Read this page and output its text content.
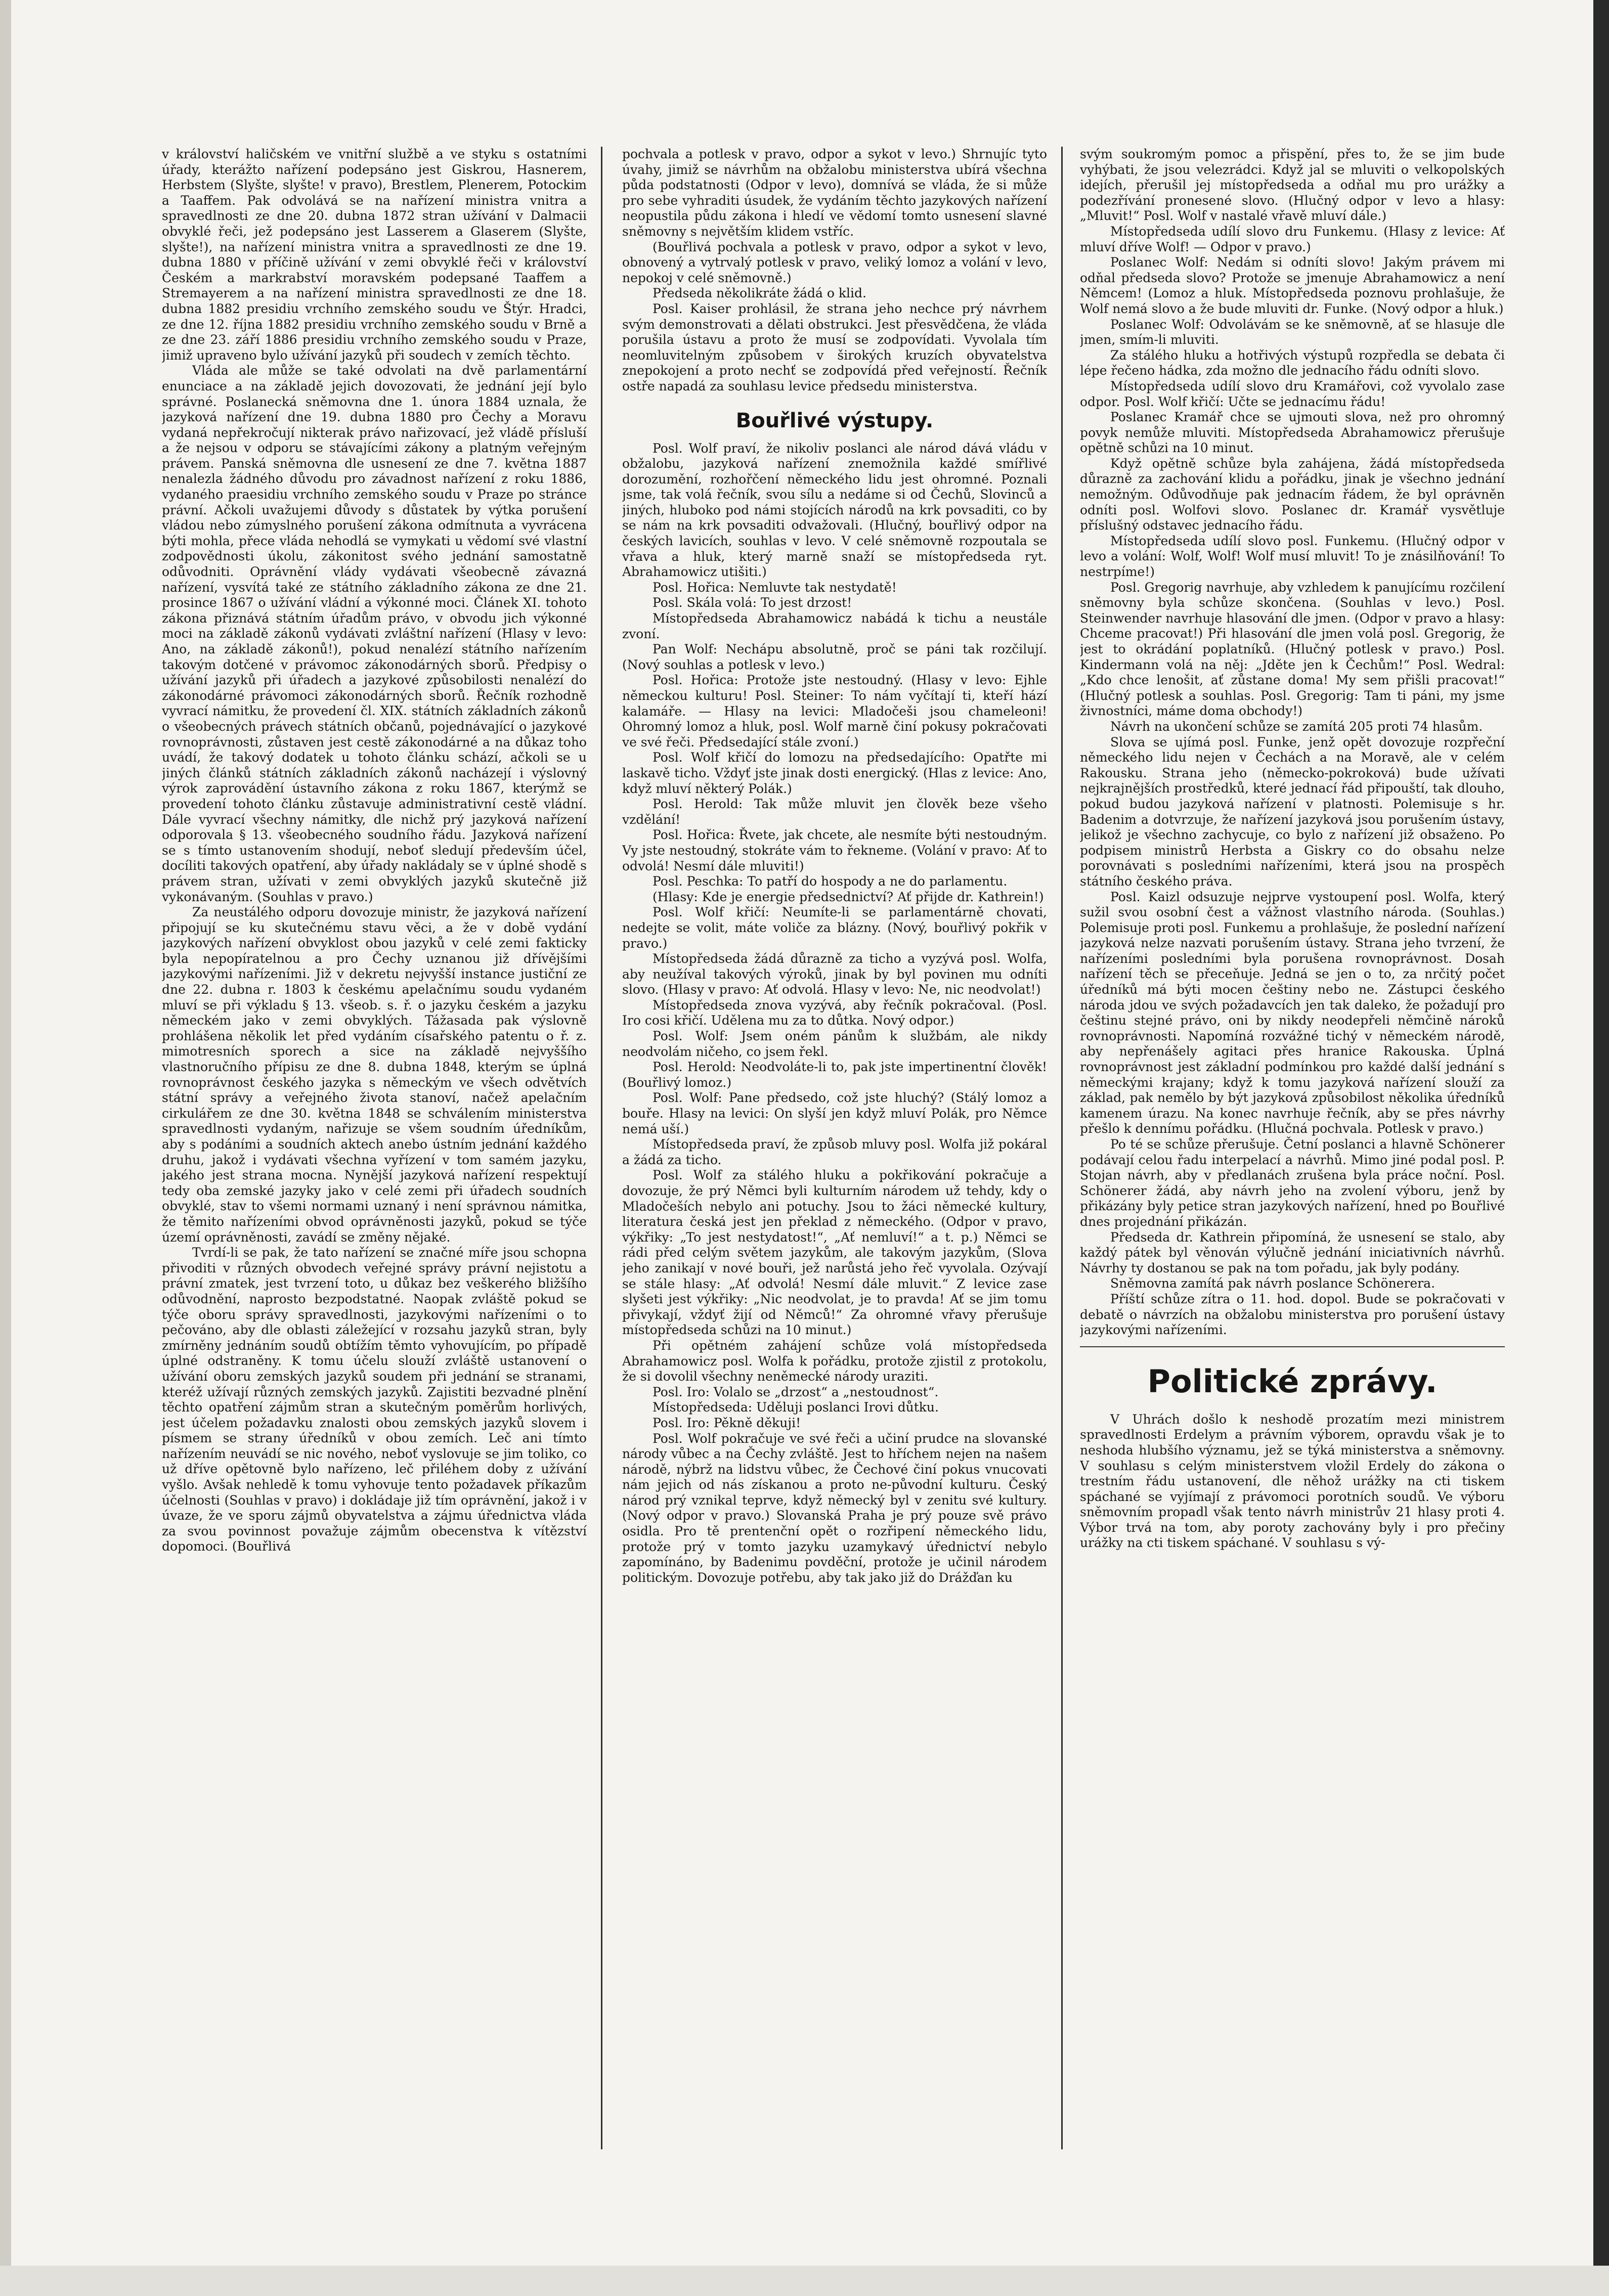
v království haličském ve vnitřní službě a ve styku s ostatními úřady, kterážto nařízení podepsáno jest Giskrou, Hasnerem, Herbstem (Slyšte, slyšte! v pravo), Brestlem, Plenerem, Potockim a Taaffem. Pak odvolává se na nařízení ministra vnitra a spravedlnosti ze dne 20. dubna 1872 stran užívání v Dalmacii obvyklé řeči, jež podepsáno jest Lasserem a Glaserem (Slyšte, slyšte!), na nařízení ministra vnitra a spravedlnosti ze dne 19. dubna 1880 v příčině užívání v zemi obvyklé řeči v království Českém a markrabství moravském podepsané Taaffem a Stremayerem a na nařízení ministra spravedlnosti ze dne 18. dubna 1882 presidiu vrchního zemského soudu ve Štýr. Hradci, ze dne 12. října 1882 presidiu vrchního zemského soudu v Brně a ze dne 23. září 1886 presidiu vrchního zemského soudu v Praze, jimiž upraveno bylo užívání jazyků při soudech v zemích těchto.

Vláda ale může se také odvolati na dvě parlamentární enunciace a na základě jejich dovozovati, že jednání její bylo správné. Poslanecká sněmovna dne 1. února 1884 uznala, že jazyková nařízení dne 19. dubna 1880 pro Čechy a Moravu vydaná nepřekročují nikterak právo nařizovací, jež vládě přísluší a že nejsou v odporu se stávajícími zákony a platným veřejným právem. Panská sněmovna dle usnesení ze dne 7. května 1887 nenalezla žádného důvodu pro závadnost nařízení z roku 1886, vydaného praesidiu vrchního zemského soudu v Praze po stránce právní. Ačkoli uvažujemi důvody s důstatek by výtka porušení vládou nebo zúmyslného porušení zákona odmítnuta a vyvrácena býti mohla, přece vláda nehodlá se vymykati u vědomí své vlastní zodpovědnosti úkolu, zákonitost svého jednání samostatně odůvodniti. Oprávnění vlády vydávati všeobecně závazná nařízení, vysvítá také ze státního základního zákona ze dne 21. prosince 1867 o užívání vládní a výkonné moci. Článek XI. tohoto zákona přiznává státním úřadům právo, v obvodu jich výkonné moci na základě zákonů vydávati zvláštní nařízení (Hlasy v levo: Ano, na základě zákonů!), pokud nenalézí státního nařízením takovým dotčené v právomoc zákonodárných sborů. Předpisy o užívání jazyků při úřadech a jazykové způsobilosti nenalézí do zákonodárné právomoci zákonodárných sborů. Řečník rozhodně vyvrací námitku, že provedení čl. XIX. státních základních zákonů o všeobecných právech státních občanů, pojednávající o jazykové rovnoprávnosti, zůstaven jest cestě zákonodárné a na důkaz toho uvádí, že takový dodatek u tohoto článku schází, ačkoli se u jiných článků státních základních zákonů nacházejí i výslovný výrok zaprovádění ústavního zákona z roku 1867, kterýmž se provedení tohoto článku zůstavuje administrativní cestě vládní. Dále vyvrací všechny námitky, dle nichž prý jazyková nařízení odporovala § 13. všeobecného soudního řádu. Jazyková nařízení se s tímto ustanovením shodují, neboť sledují především účel, docíliti takových opatření, aby úřady nakládaly se v úplné shodě s právem stran, užívati v zemi obvyklých jazyků skutečně již vykonávaným. (Souhlas v pravo.)

Za neustálého odporu dovozuje ministr, že jazyková nařízení připojují se ku skutečnému stavu věci, a že v době vydání jazykových nařízení obvyklost obou jazyků v celé zemi fakticky byla nepopíratelnou a pro Čechy uznanou již dřívějšími jazykovými nařízeními. Již v dekretu nejvyšší instance justiční ze dne 22. dubna r. 1803 k českému apelačnímu soudu vydaném mluví se při výkladu § 13. všeob. s. ř. o jazyku českém a jazyku německém jako v zemi obvyklých. Tážasada pak výslovně prohlášena několik let před vydáním císařského patentu o ř. z. mimotresních sporech a sice na základě nejvyššího vlastnoručního přípisu ze dne 8. dubna 1848, kterým se úplná rovnoprávnost českého jazyka s německým ve všech odvětvích státní správy a veřejného života stanoví, načež apelačním cirkulářem ze dne 30. května 1848 se schválením ministerstva spravedlnosti vydaným, nařizuje se všem soudním úředníkům, aby s podáními a soudních aktech anebo ústním jednání každého druhu, jakož i vydávati všechna vyřízení v tom samém jazyku, jakého jest strana mocna. Nynější jazyková nařízení respektují tedy oba zemské jazyky jako v celé zemi při úřadech soudních obvyklé, stav to všemi normami uznaný i není správnou námitka, že těmito nařízeními obvod oprávněnosti jazyků, pokud se týče území oprávněnosti, zavádí se změny nějaké.

Tvrdí-li se pak, že tato nařízení se značné míře jsou schopna přivoditi v různých obvodech veřejné správy právní nejistotu a právní zmatek, jest tvrzení toto, u důkaz bez veškerého bližšího odůvodnění, naprosto bezpodstatné. Naopak zvláště pokud se týče oboru správy spravedlnosti, jazykovými nařízeními o to pečováno, aby dle oblasti záležející v rozsahu jazyků stran, byly zmírněny jednáním soudů obtížím těmto vyhovujícím, po případě úplné odstraněny. K tomu účelu slouží zvláště ustanovení o užívání oboru zemských jazyků soudem při jednání se stranami, kteréž užívají různých zemských jazyků. Zajistiti bezvadné plnění těchto opatření zájmům stran a skutečným poměrům horlivých, jest účelem požadavku znalosti obou zemských jazyků slovem i písmem se strany úředníků v obou zemích. Leč ani tímto nařízením neuvádí se nic nového, neboť vyslovuje se jim toliko, co už dříve opětovně bylo nařízeno, leč přiléhem doby z užívání vyšlo. Avšak nehledě k tomu vyhovuje tento požadavek příkazům účelnosti (Souhlas v pravo) i dokládaje již tím oprávnění, jakož i v úvaze, že ve sporu zájmů obyvatelstva a zájmu úřednictva vláda za svou povinnost považuje zájmům obecenstva k vítězství dopomoci. (Bouřlivá

pochvala a potlesk v pravo, odpor a sykot v levo.) Shrnujíc tyto úvahy, jimiž se návrhům na obžalobu ministerstva ubírá všechna půda podstatnosti (Odpor v levo), domnívá se vláda, že si může pro sebe vyhraditi úsudek, že vydáním těchto jazykových nařízení neopustila půdu zákona i hledí ve vědomí tomto usnesení slavné sněmovny s největším klidem vstříc.

(Bouřlivá pochvala a potlesk v pravo, odpor a sykot v levo, obnovený a vytrvalý potlesk v pravo, veliký lomoz a volání v levo, nepokoj v celé sněmovně.)

Předseda několikráte žádá o klid.

Posl. Kaiser prohlásil, že strana jeho nechce prý návrhem svým demonstrovati a dělati obstrukci. Jest přesvědčena, že vláda porušila ústavu a proto že musí se zodpovídati. Vyvolala tím neomluvitelným způsobem v širokých kruzích obyvatelstva znepokojení a proto nechť se zodpovídá před veřejností. Řečník ostře napadá za souhlasu levice předsedu ministerstva.

Bouřlivé výstupy.

Posl. Wolf praví, že nikoliv poslanci ale národ dává vládu v obžalobu, jazyková nařízení znemožnila každé smířlivé dorozumění, rozhořčení německého lidu jest ohromné. Poznali jsme, tak volá řečník, svou sílu a nedáme si od Čechů, Slovinců a jiných, hluboko pod námi stojících národů na krk povsaditi, co by se nám na krk povsaditi odvažovali. (Hlučný, bouřlivý odpor na českých lavicích, souhlas v levo. V celé sněmovně rozpoutala se vřava a hluk, který marně snaží se místopředseda ryt. Abrahamowicz utišiti.)

Posl. Hořica: Nemluvte tak nestydatě!

Posl. Skála volá: To jest drzost!

Místopředseda Abrahamowicz nabádá k tichu a neustále zvoní.

Pan Wolf: Nechápu absolutně, proč se páni tak rozčilují. (Nový souhlas a potlesk v levo.)

Posl. Hořica: Protože jste nestoudný. (Hlasy v levo: Ejhle německou kulturu! Posl. Steiner: To nám vyčítají ti, kteří hází kalamáře. — Hlasy na levici: Mladočeši jsou chameleoni! Ohromný lomoz a hluk, posl. Wolf marně činí pokusy pokračovati ve své řeči. Předsedající stále zvoní.)

Posl. Wolf křičí do lomozu na předsedajícího: Opatřte mi laskavě ticho. Vždyť jste jinak dosti energický. (Hlas z levice: Ano, když mluví některý Polák.)

Posl. Herold: Tak může mluvit jen člověk beze všeho vzdělání!

Posl. Hořica: Řvete, jak chcete, ale nesmíte býti nestoudným. Vy jste nestoudný, stokráte vám to řekneme. (Volání v pravo: Ať to odvolá! Nesmí dále mluviti!)

Posl. Peschka: To patří do hospody a ne do parlamentu.

(Hlasy: Kde je energie předsednictví? Ať přijde dr. Kathrein!)

Posl. Wolf křičí: Neumíte-li se parlamentárně chovati, nedejte se volit, máte voliče za blázny. (Nový, bouřlivý pokřik v pravo.)

Místopředseda žádá důrazně za ticho a vyzývá posl. Wolfa, aby neužíval takových výroků, jinak by byl povinen mu odníti slovo. (Hlasy v pravo: Ať odvolá. Hlasy v levo: Ne, nic neodvolat!)

Místopředseda znova vyzývá, aby řečník pokračoval. (Posl. Iro cosi křičí. Udělena mu za to důtka. Nový odpor.)

Posl. Wolf: Jsem oném pánům k službám, ale nikdy neodvolám ničeho, co jsem řekl.

Posl. Herold: Neodvoláte-li to, pak jste impertinentní člověk! (Bouřlivý lomoz.)

Posl. Wolf: Pane předsedo, což jste hluchý? (Stálý lomoz a bouře. Hlasy na levici: On slyší jen když mluví Polák, pro Němce nemá uší.)

Místopředseda praví, že způsob mluvy posl. Wolfa již pokáral a žádá za ticho.

Posl. Wolf za stálého hluku a pokřikování pokračuje a dovozuje, že prý Němci byli kulturním národem už tehdy, kdy o Mladočeších nebylo ani potuchy. Jsou to žáci německé kultury, literatura česká jest jen překlad z německého. (Odpor v pravo, výkřiky: „To jest nestydatost!“, „Ať nemluví!“ a t. p.) Němci se rádi před celým světem jazykům, ale takovým jazykům, (Slova jeho zanikají v nové bouři, jež narůstá jeho řeč vyvolala. Ozývají se stále hlasy: „Ať odvolá! Nesmí dále mluvit.“ Z levice zase slyšeti jest výkřiky: „Nic neodvolat, je to pravda! Ať se jim tomu přivykají, vždyť žijí od Němců!“ Za ohromné vřavy přerušuje místopředseda schůzi na 10 minut.)

Při opětném zahájení schůze volá místopředseda Abrahamowicz posl. Wolfa k pořádku, protože zjistil z protokolu, že si dovolil všechny neněmecké národy uraziti.

Posl. Iro: Volalo se „drzost“ a „nestoudnost“.

Místopředseda: Uděluji poslanci Irovi důtku.

Posl. Iro: Pěkně děkuji!

Posl. Wolf pokračuje ve své řeči a učiní prudce na slovanské národy vůbec a na Čechy zvláště. Jest to hříchem nejen na našem národě, nýbrž na lidstvu vůbec, že Čechové činí pokus vnucovati nám jejich od nás získanou a proto ne-původní kulturu. Český národ prý vznikal teprve, když německý byl v zenitu své kultury. (Nový odpor v pravo.) Slovanská Praha je prý pouze svě právo osidla. Pro tě prentenční opět o rozřipení německého lidu, protože prý v tomto jazyku uzamykavý úřednictví nebylo zapomínáno, by Badenimu povděční, protože je učinil národem politickým. Dovozuje potřebu, aby tak jako již do Drážďan ku

svým soukromým pomoc a přispění, přes to, že se jim bude vyhýbati, že jsou velezrádci. Když jal se mluviti o velkopolských idejích, přerušil jej místopředseda a odňal mu pro urážky a podezřívání pronesené slovo. (Hlučný odpor v levo a hlasy: „Mluvit!“ Posl. Wolf v nastalé vřavě mluví dále.)

Místopředseda udílí slovo dru Funkemu. (Hlasy z levice: Ať mluví dříve Wolf! — Odpor v pravo.)

Poslanec Wolf: Nedám si odníti slovo! Jakým právem mi odňal předseda slovo? Protože se jmenuje Abrahamowicz a není Němcem! (Lomoz a hluk. Místopředseda poznovu prohlašuje, že Wolf nemá slovo a že bude mluviti dr. Funke. (Nový odpor a hluk.)

Poslanec Wolf: Odvolávám se ke sněmovně, ať se hlasuje dle jmen, smím-li mluviti.

Za stálého hluku a hotřivých výstupů rozpředla se debata či lépe řečeno hádka, zda možno dle jednacího řádu odníti slovo.

Místopředseda udílí slovo dru Kramářovi, což vyvolalo zase odpor. Posl. Wolf křičí: Učte se jednacímu řádu!

Poslanec Kramář chce se ujmouti slova, než pro ohromný povyk nemůže mluviti. Místopředseda Abrahamowicz přerušuje opětně schůzi na 10 minut.

Když opětně schůze byla zahájena, žádá místopředseda důrazně za zachování klidu a pořádku, jinak je všechno jednání nemožným. Odůvodňuje pak jednacím řádem, že byl oprávněn odníti posl. Wolfovi slovo. Poslanec dr. Kramář vysvětluje příslušný odstavec jednacího řádu.

Místopředseda udílí slovo posl. Funkemu. (Hlučný odpor v levo a volání: Wolf, Wolf! Wolf musí mluvit! To je znásilňování! To nestrpíme!)

Posl. Gregorig navrhuje, aby vzhledem k panujícímu rozčilení sněmovny byla schůze skončena. (Souhlas v levo.) Posl. Steinwender navrhuje hlasování dle jmen. (Odpor v pravo a hlasy: Chceme pracovat!) Při hlasování dle jmen volá posl. Gregorig, že jest to okrádání poplatníků. (Hlučný potlesk v pravo.) Posl. Kindermann volá na něj: „Jděte jen k Čechům!“ Posl. Wedral: „Kdo chce lenošit, ať zůstane doma! My sem přišli pracovat!“ (Hlučný potlesk a souhlas. Posl. Gregorig: Tam ti páni, my jsme živnostníci, máme doma obchody!)

Návrh na ukončení schůze se zamítá 205 proti 74 hlasům.

Slova se ujímá posl. Funke, jenž opět dovozuje rozpřeční německého lidu nejen v Čechách a na Moravě, ale v celém Rakousku. Strana jeho (německo-pokroková) bude užívati nejkrajnějších prostředků, které jednací řád připouští, tak dlouho, pokud budou jazyková nařízení v platnosti. Polemisuje s hr. Badenim a dotvrzuje, že nařízení jazyková jsou porušením ústavy, jelikož je všechno zachycuje, co bylo z nařízení již obsaženo. Po podpisem ministrů Herbsta a Giskry co do obsahu nelze porovnávati s posledními nařízeními, která jsou na prospěch státního českého práva.

Posl. Kaizl odsuzuje nejprve vystoupení posl. Wolfa, který sužil svou osobní čest a vážnost vlastního národa. (Souhlas.) Polemisuje proti posl. Funkemu a prohlašuje, že poslední nařízení jazyková nelze nazvati porušením ústavy. Strana jeho tvrzení, že nařízeními posledními byla porušena rovnoprávnost. Dosah nařízení těch se přeceňuje. Jedná se jen o to, za nrčitý počet úředníků má býti mocen češtiny nebo ne. Zástupci českého národa jdou ve svých požadavcích jen tak daleko, že požadují pro češtinu stejné právo, oni by nikdy neodepřeli němčině nároků rovnoprávnosti. Napomíná rozvážné tichý v německém národě, aby nepřenášely agitaci přes hranice Rakouska. Úplná rovnoprávnost jest základní podmínkou pro každé další jednání s německými krajany; když k tomu jazyková nařízení slouží za základ, pak nemělo by být jazyková způsobilost několika úředníků kamenem úrazu. Na konec navrhuje řečník, aby se přes návrhy přešlo k dennímu pořádku. (Hlučná pochvala. Potlesk v pravo.)

Po té se schůze přerušuje. Četní poslanci a hlavně Schönerer podávají celou řadu interpelací a návrhů. Mimo jiné podal posl. P. Stojan návrh, aby v předlanách zrušena byla práce noční. Posl. Schönerer žádá, aby návrh jeho na zvolení výboru, jenž by přikázány byly petice stran jazykových nařízení, hned po Bouřlivé dnes projednání přikázán.

Předseda dr. Kathrein připomíná, že usnesení se stalo, aby každý pátek byl věnován výlučně jednání iniciativních návrhů. Návrhy ty dostanou se pak na tom pořadu, jak byly podány.

Sněmovna zamítá pak návrh poslance Schönerera.

Příští schůze zítra o 11. hod. dopol. Bude se pokračovati v debatě o návrzích na obžalobu ministerstva pro porušení ústavy jazykovými nařízeními.

Politické zprávy.

V Uhrách došlo k neshodě prozatím mezi ministrem spravedlnosti Erdelym a právním výborem, opravdu však je to neshoda hlubšího významu, jež se týká ministerstva a sněmovny. V souhlasu s celým ministerstvem vložil Erdely do zákona o trestním řádu ustanovení, dle něhož urážky na cti tiskem spáchané se vyjímají z právomoci porotních soudů. Ve výboru sněmovním propadl však tento návrh ministrův 21 hlasy proti 4. Výbor trvá na tom, aby poroty zachovány byly i pro přečiny urážky na cti tiskem spáchané. V souhlasu s vý-
